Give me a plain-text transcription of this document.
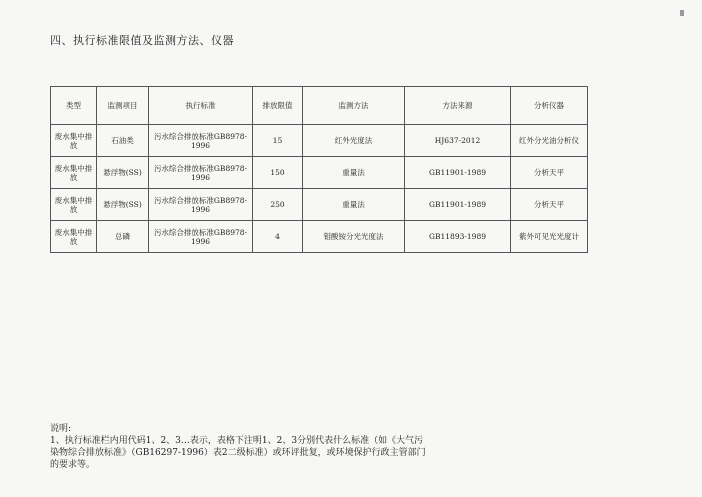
四、执行标准限值及监测方法、仪器
类型	监测项目	执行标准	排放限值	监测方法	方法来源	分析仪器
废水集中排放	石油类	污水综合排放标准GB8978-1996	15	红外光度法	HJ637-2012	红外分光油分析仪
废水集中排放	悬浮物(SS)	污水综合排放标准GB8978-1996	150	重量法	GB11901-1989	分析天平
废水集中排放	悬浮物(SS)	污水综合排放标准GB8978-1996	250	重量法	GB11901-1989	分析天平
废水集中排放	总磷	污水综合排放标准GB8978-1996	4	钼酸铵分光光度法	GB11893-1989	紫外可见光光度计

说明:

1、执行标准栏内用代码1、2、3…表示，表格下注明1、2、3分别代表什么标准（如《大气污

染物综合排放标准》（GB16297-1996）表2二级标准）或环评批复，或环境保护行政主管部门

的要求等。
